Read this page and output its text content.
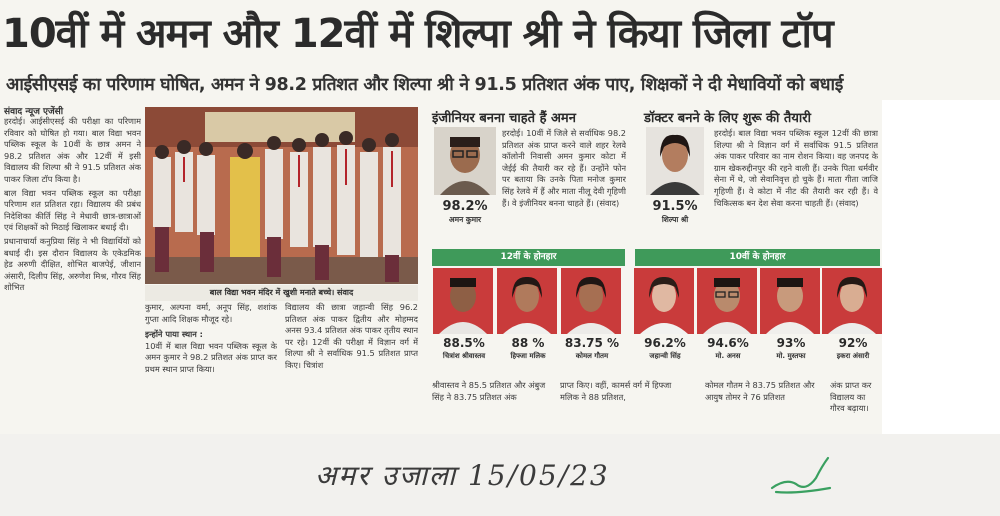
10वीं में अमन और 12वीं में शिल्पा श्री ने किया जिला टॉप
आईसीएसई का परिणाम घोषित, अमन ने 98.2 प्रतिशत और शिल्पा श्री ने 91.5 प्रतिशत अंक पाए, शिक्षकों ने दी मेधावियों को बधाई
संवाद न्यूज एजेंसी

हरदोई। आईसीएसई की परीक्षा का परिणाम रविवार को घोषित हो गया। बाल विद्या भवन पब्लिक स्कूल के 10वीं के छात्र अमन ने 98.2 प्रतिशत अंक और 12वीं में इसी विद्यालय की शिल्पा श्री ने 91.5 प्रतिशत अंक पाकर जिला टॉप किया है।

बाल विद्या भवन पब्लिक स्कूल का परीक्षा परिणाम शत प्रतिशत रहा। विद्यालय की प्रबंध निदेशिका कीर्ति सिंह ने मेधावी छात्र-छात्राओं एवं शिक्षकों को मिठाई खिलाकर बधाई दी।

प्रधानाचार्या कनुप्रिया सिंह ने भी विद्यार्थियों को बधाई दी। इस दौरान विद्यालय के एकेडमिक हेड अरुणी दीक्षित, शोभित बाजपेई, जीशान अंसारी, दिलीप सिंह, अरुणेश मिश्र, गौरव सिंह शोभित

बाल विद्या भवन मंदिर में खुशी मनाते बच्चे। संवाद

कुमार, अल्पना वर्मा, अनूप सिंह, शशांक गुप्ता आदि शिक्षक मौजूद रहे।

इन्होंने पाया स्थान :

10वीं में बाल विद्या भवन पब्लिक स्कूल के अमन कुमार ने 98.2 प्रतिशत अंक प्राप्त कर प्रथम स्थान प्राप्त किया।

विद्यालय की छात्रा जहान्वी सिंह 96.2 प्रतिशत अंक पाकर द्वितीय और मोहम्मद अनस 93.4 प्रतिशत अंक पाकर तृतीय स्थान पर रहे। 12वीं की परीक्षा में विज्ञान वर्ग में शिल्पा श्री ने सर्वाधिक 91.5 प्रतिशत प्राप्त किए। चित्रांश

इंजीनियर बनना चाहते हैं अमन
98.2%
अमन कुमार
हरदोई। 10वीं में जिले से सर्वाधिक 98.2 प्रतिशत अंक प्राप्त करने वाले शहर रेलवे कॉलोनी निवासी अमन कुमार कोटा में जेईई की तैयारी कर रहे हैं। उन्होंने फोन पर बताया कि उनके पिता मनोज कुमार सिंह रेलवे में हैं और माता नीलू देवी गृहिणी हैं। वे इंजीनियर बनना चाहते हैं। (संवाद)
डॉक्टर बनने के लिए शुरू की तैयारी
91.5%
शिल्पा श्री
हरदोई। बाल विद्या भवन पब्लिक स्कूल 12वीं की छात्रा शिल्पा श्री ने विज्ञान वर्ग में सर्वाधिक 91.5 प्रतिशत अंक पाकर परिवार का नाम रोशन किया। वह जनपद के ग्राम खेकरुद्दीनपुर की रहने वाली हैं। उनके पिता धर्मवीर सेना में थे, जो सेवानिवृत्त हो चुके हैं। माता गीता जाजि गृहिणी हैं। वे कोटा में नीट की तैयारी कर रही हैं। वे चिकित्सक बन देश सेवा करना चाहती हैं। (संवाद)
12वीं के होनहार
88.5%
चित्रांश श्रीवास्तव
88 %
हिफ्जा मलिक
83.75 %
कोमल गौतम
10वीं के होनहार
96.2%
जहान्वी सिंह
94.6%
मो. अनस
93%
मो. मुस्तफा
92%
इकरा अंसारी
श्रीवास्तव ने 85.5 प्रतिशत और अंबुज सिंह ने 83.75 प्रतिशत अंक
प्राप्त किए। वहीं, कामर्स वर्ग में हिफ्जा मलिक ने 88 प्रतिशत,
कोमल गौतम ने 83.75 प्रतिशत और आयुष तोमर ने 76 प्रतिशत
अंक प्राप्त कर विद्यालय का गौरव बढ़ाया।
अमर उजाला 15/05/23
